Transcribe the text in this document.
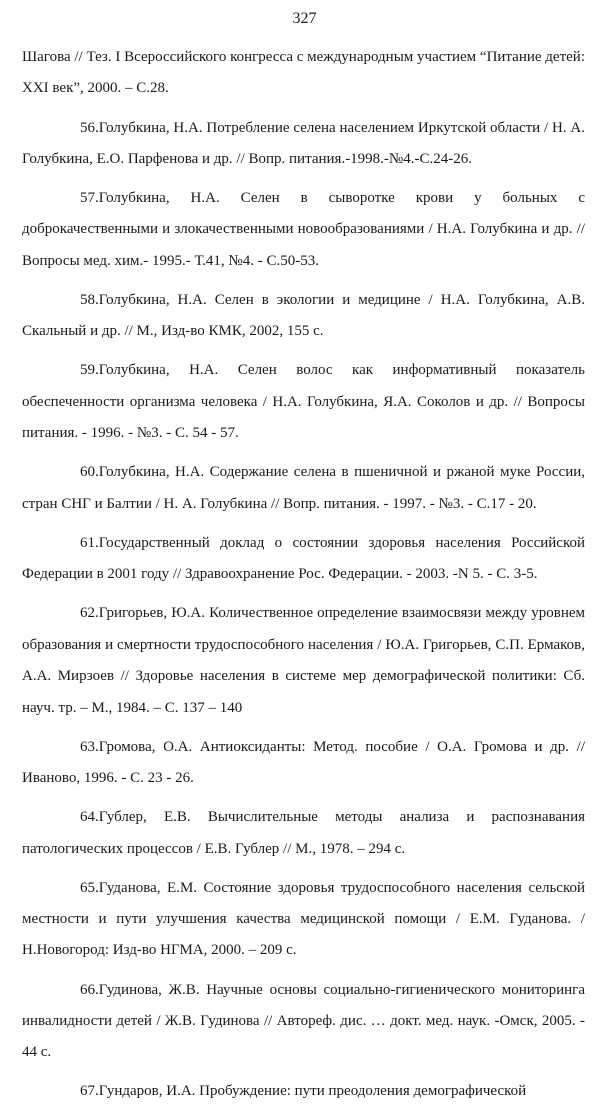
327

Шагова // Тез. I Всероссийского конгресса с международным участием “Питание детей: XXI век”, 2000. – С.28.

56.Голубкина, Н.А. Потребление селена населением Иркутской области / Н. А. Голубкина, Е.О. Парфенова и др. // Вопр. питания.-1998.-№4.-С.24-26.

57.Голубкина, Н.А. Селен в сыворотке крови у больных с доброкачественными и злокачественными новообразованиями / Н.А. Голубкина и др. // Вопросы мед. хим.- 1995.- Т.41, №4. - С.50-53.

58.Голубкина, Н.А. Селен в экологии и медицине / Н.А. Голубкина, А.В. Скальный и др. // М., Изд-во КМК, 2002, 155 с.

59.Голубкина, Н.А. Селен волос как информативный показатель обеспеченности организма человека / Н.А. Голубкина, Я.А. Соколов и др. // Вопросы питания. - 1996. - №3. - С. 54 - 57.

60.Голубкина, Н.А. Содержание селена в пшеничной и ржаной муке России, стран СНГ и Балтии / Н. А. Голубкина // Вопр. питания. - 1997. - №3. - С.17 - 20.

61.Государственный доклад о состоянии здоровья населения Российской Федерации в 2001 году // Здравоохранение Рос. Федерации. - 2003. -N 5. - С. 3-5.

62.Григорьев, Ю.А. Количественное определение взаимосвязи между уровнем образования и смертности трудоспособного населения / Ю.А. Григорьев, С.П. Ермаков, А.А. Мирзоев // Здоровье населения в системе мер демографической политики: Сб. науч. тр. – М., 1984. – С. 137 – 140

63.Громова, О.А. Антиоксиданты: Метод. пособие / О.А. Громова и др. // Иваново, 1996. - С. 23 - 26.

64.Гублер, Е.В. Вычислительные методы анализа и распознавания патологических процессов / Е.В. Гублер // М., 1978. – 294 с.

65.Гуданова, Е.М. Состояние здоровья трудоспособного населения сельской местности и пути улучшения качества медицинской помощи / Е.М. Гуданова. / Н.Новогород: Изд-во НГМА, 2000. – 209 с.

66.Гудинова, Ж.В. Научные основы социально-гигиенического мониторинга инвалидности детей / Ж.В. Гудинова // Автореф. дис. … докт. мед. наук. -Омск, 2005. - 44 с.

67.Гундаров, И.А. Пробуждение: пути преодоления демографической
